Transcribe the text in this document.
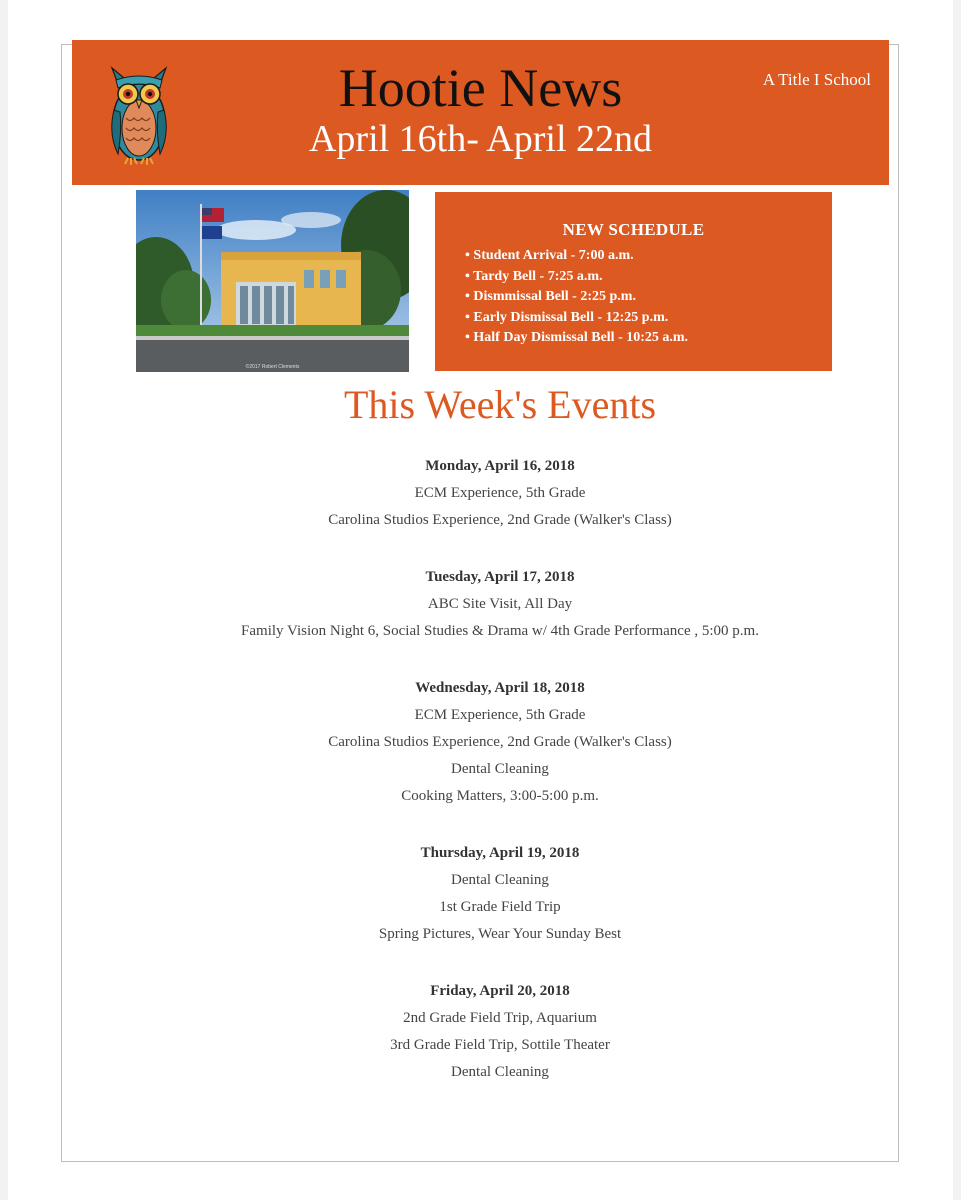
Hootie News
April 16th- April 22nd
A Title I School
©2017 Robert Clements
NEW SCHEDULE
• Student Arrival - 7:00 a.m.
• Tardy Bell - 7:25 a.m.
• Dismmissal Bell - 2:25 p.m.
• Early Dismissal Bell - 12:25 p.m.
• Half Day Dismissal Bell - 10:25 a.m.
This Week's Events
Monday, April 16, 2018
ECM Experience, 5th Grade
Carolina Studios Experience, 2nd Grade (Walker's Class)
Tuesday, April 17, 2018
ABC Site Visit, All Day
Family Vision Night 6, Social Studies & Drama w/ 4th Grade Performance , 5:00 p.m.
Wednesday, April 18, 2018
ECM Experience, 5th Grade
Carolina Studios Experience, 2nd Grade (Walker's Class)
Dental Cleaning
Cooking Matters, 3:00-5:00 p.m.
Thursday, April 19, 2018
Dental Cleaning
1st Grade Field Trip
Spring Pictures, Wear Your Sunday Best
Friday, April 20, 2018
2nd Grade Field Trip, Aquarium
3rd Grade Field Trip, Sottile Theater
Dental Cleaning
